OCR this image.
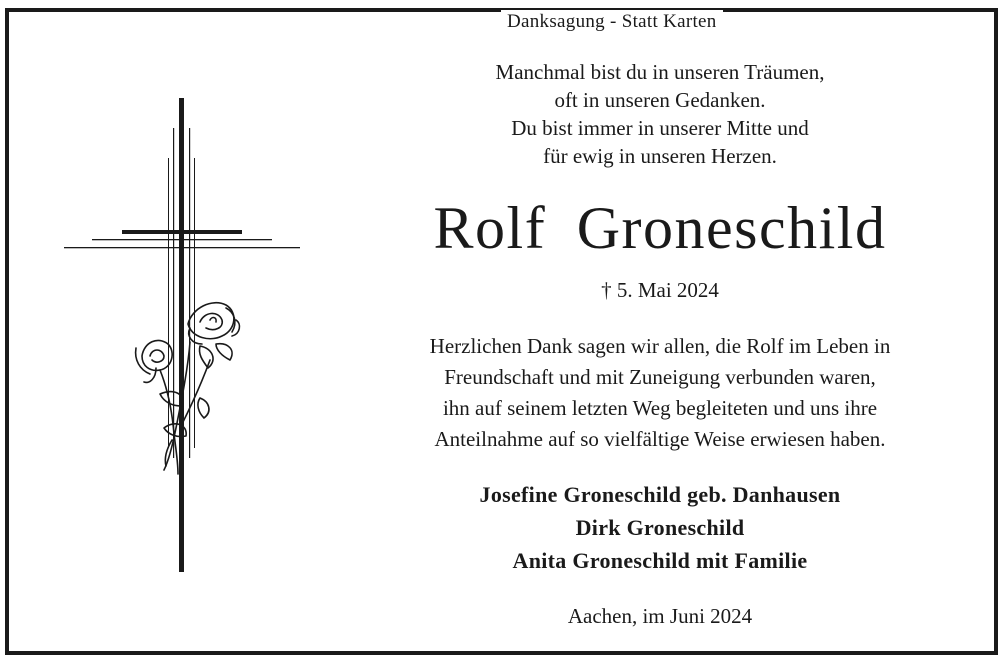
Danksagung - Statt Karten
Manchmal bist du in unseren Träumen,
oft in unseren Gedanken.
Du bist immer in unserer Mitte und
für ewig in unseren Herzen.
Rolf Groneschild
† 5. Mai 2024
Herzlichen Dank sagen wir allen, die Rolf im Leben in
Freundschaft und mit Zuneigung verbunden waren,
ihn auf seinem letzten Weg begleiteten und uns ihre
Anteilnahme auf so vielfältige Weise erwiesen haben.
Josefine Groneschild geb. Danhausen
Dirk Groneschild
Anita Groneschild mit Familie
Aachen, im Juni 2024
